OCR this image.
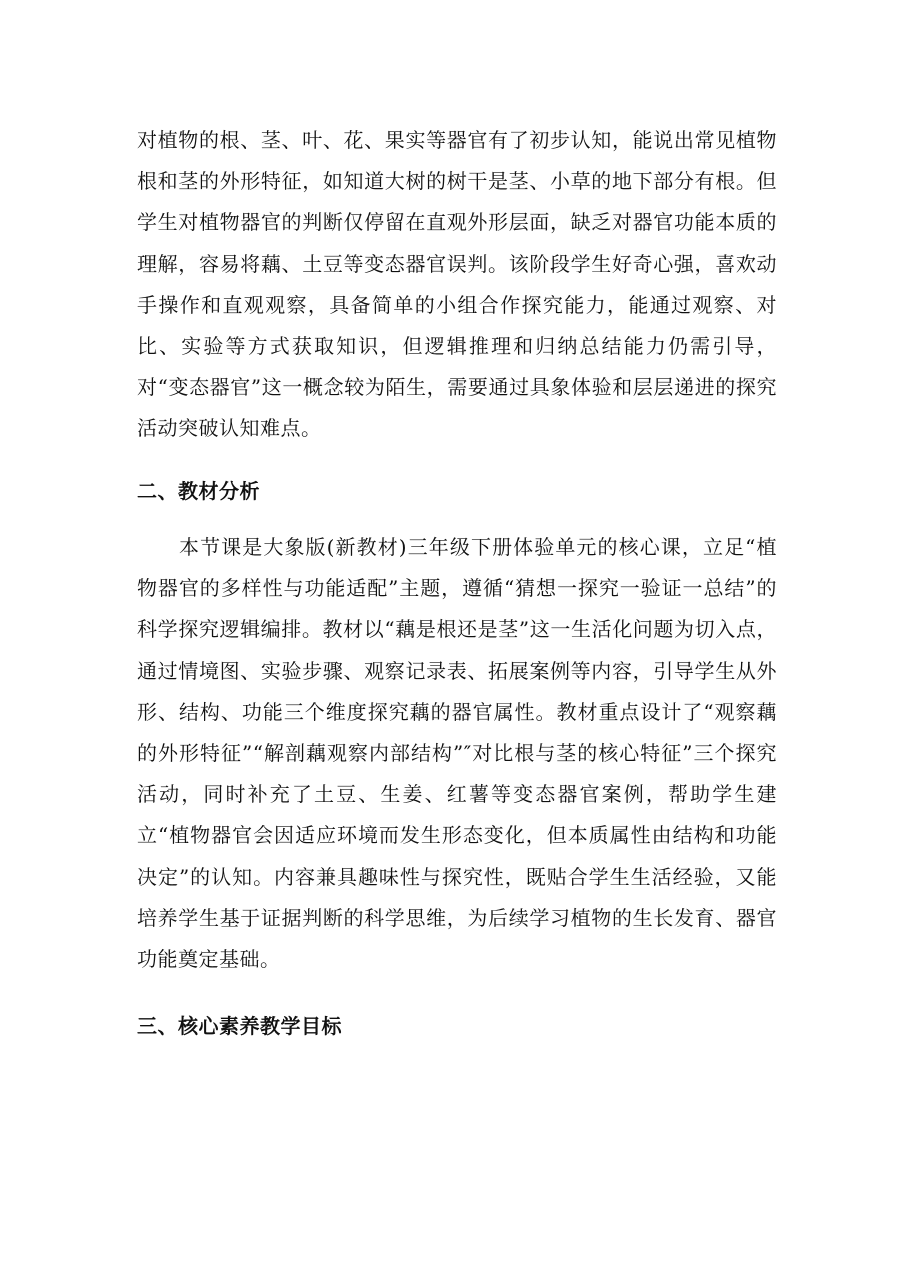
对植物的根、茎、叶、花、果实等器官有了初步认知，能说出常见植物根和茎的外形特征，如知道大树的树干是茎、小草的地下部分有根。但学生对植物器官的判断仅停留在直观外形层面，缺乏对器官功能本质的理解，容易将藕、土豆等变态器官误判。该阶段学生好奇心强，喜欢动手操作和直观观察，具备简单的小组合作探究能力，能通过观察、对比、实验等方式获取知识，但逻辑推理和归纳总结能力仍需引导，对“变态器官”这一概念较为陌生，需要通过具象体验和层层递进的探究活动突破认知难点。

二、教材分析

本节课是大象版(新教材)三年级下册体验单元的核心课，立足“植物器官的多样性与功能适配”主题，遵循“猜想一探究一验证一总结”的科学探究逻辑编排。教材以“藕是根还是茎”这一生活化问题为切入点，通过情境图、实验步骤、观察记录表、拓展案例等内容，引导学生从外形、结构、功能三个维度探究藕的器官属性。教材重点设计了“观察藕的外形特征”“解剖藕观察内部结构”″对比根与茎的核心特征”三个探究活动，同时补充了土豆、生姜、红薯等变态器官案例，帮助学生建立“植物器官会因适应环境而发生形态变化，但本质属性由结构和功能决定”的认知。内容兼具趣味性与探究性，既贴合学生生活经验，又能培养学生基于证据判断的科学思维，为后续学习植物的生长发育、器官功能奠定基础。

三、核心素养教学目标
